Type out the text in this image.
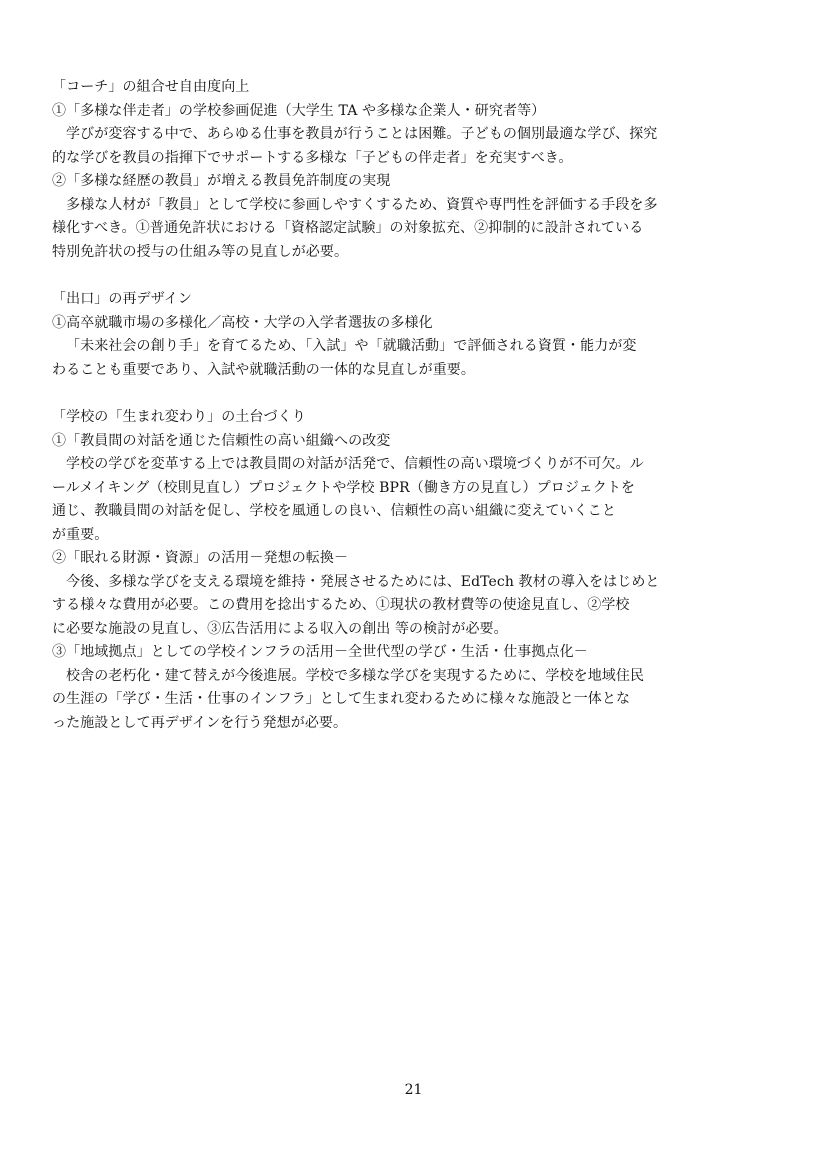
「コーチ」の組合せ自由度向上
①「多様な伴走者」の学校参画促進（大学生 TA や多様な企業人・研究者等）
学びが変容する中で、あらゆる仕事を教員が行うことは困難。子どもの個別最適な学び、探究
的な学びを教員の指揮下でサポートする多様な「子どもの伴走者」を充実すべき。
②「多様な経歴の教員」が増える教員免許制度の実現
多様な人材が「教員」として学校に参画しやすくするため、資質や専門性を評価する手段を多
様化すべき。①普通免許状における「資格認定試験」の対象拡充、②抑制的に設計されている
特別免許状の授与の仕組み等の見直しが必要。
「出口」の再デザイン
①高卒就職市場の多様化／高校・大学の入学者選抜の多様化
「未来社会の創り手」を育てるため、「入試」や「就職活動」で評価される資質・能力が変
わることも重要であり、入試や就職活動の一体的な見直しが重要。
「学校の「生まれ変わり」の土台づくり
①「教員間の対話を通じた信頼性の高い組織への改変
学校の学びを変革する上では教員間の対話が活発で、信頼性の高い環境づくりが不可欠。ル
ールメイキング（校則見直し）プロジェクトや学校 BPR（働き方の見直し）プロジェクトを
通じ、教職員間の対話を促し、学校を風通しの良い、信頼性の高い組織に変えていくこと
が重要。
②「眠れる財源・資源」の活用－発想の転換－
今後、多様な学びを支える環境を維持・発展させるためには、EdTech 教材の導入をはじめと
する様々な費用が必要。この費用を捻出するため、①現状の教材費等の使途見直し、②学校
に必要な施設の見直し、③広告活用による収入の創出 等の検討が必要。
③「地域拠点」としての学校インフラの活用－全世代型の学び・生活・仕事拠点化－
校舎の老朽化・建て替えが今後進展。学校で多様な学びを実現するために、学校を地域住民
の生涯の「学び・生活・仕事のインフラ」として生まれ変わるために様々な施設と一体とな
った施設として再デザインを行う発想が必要。
21
